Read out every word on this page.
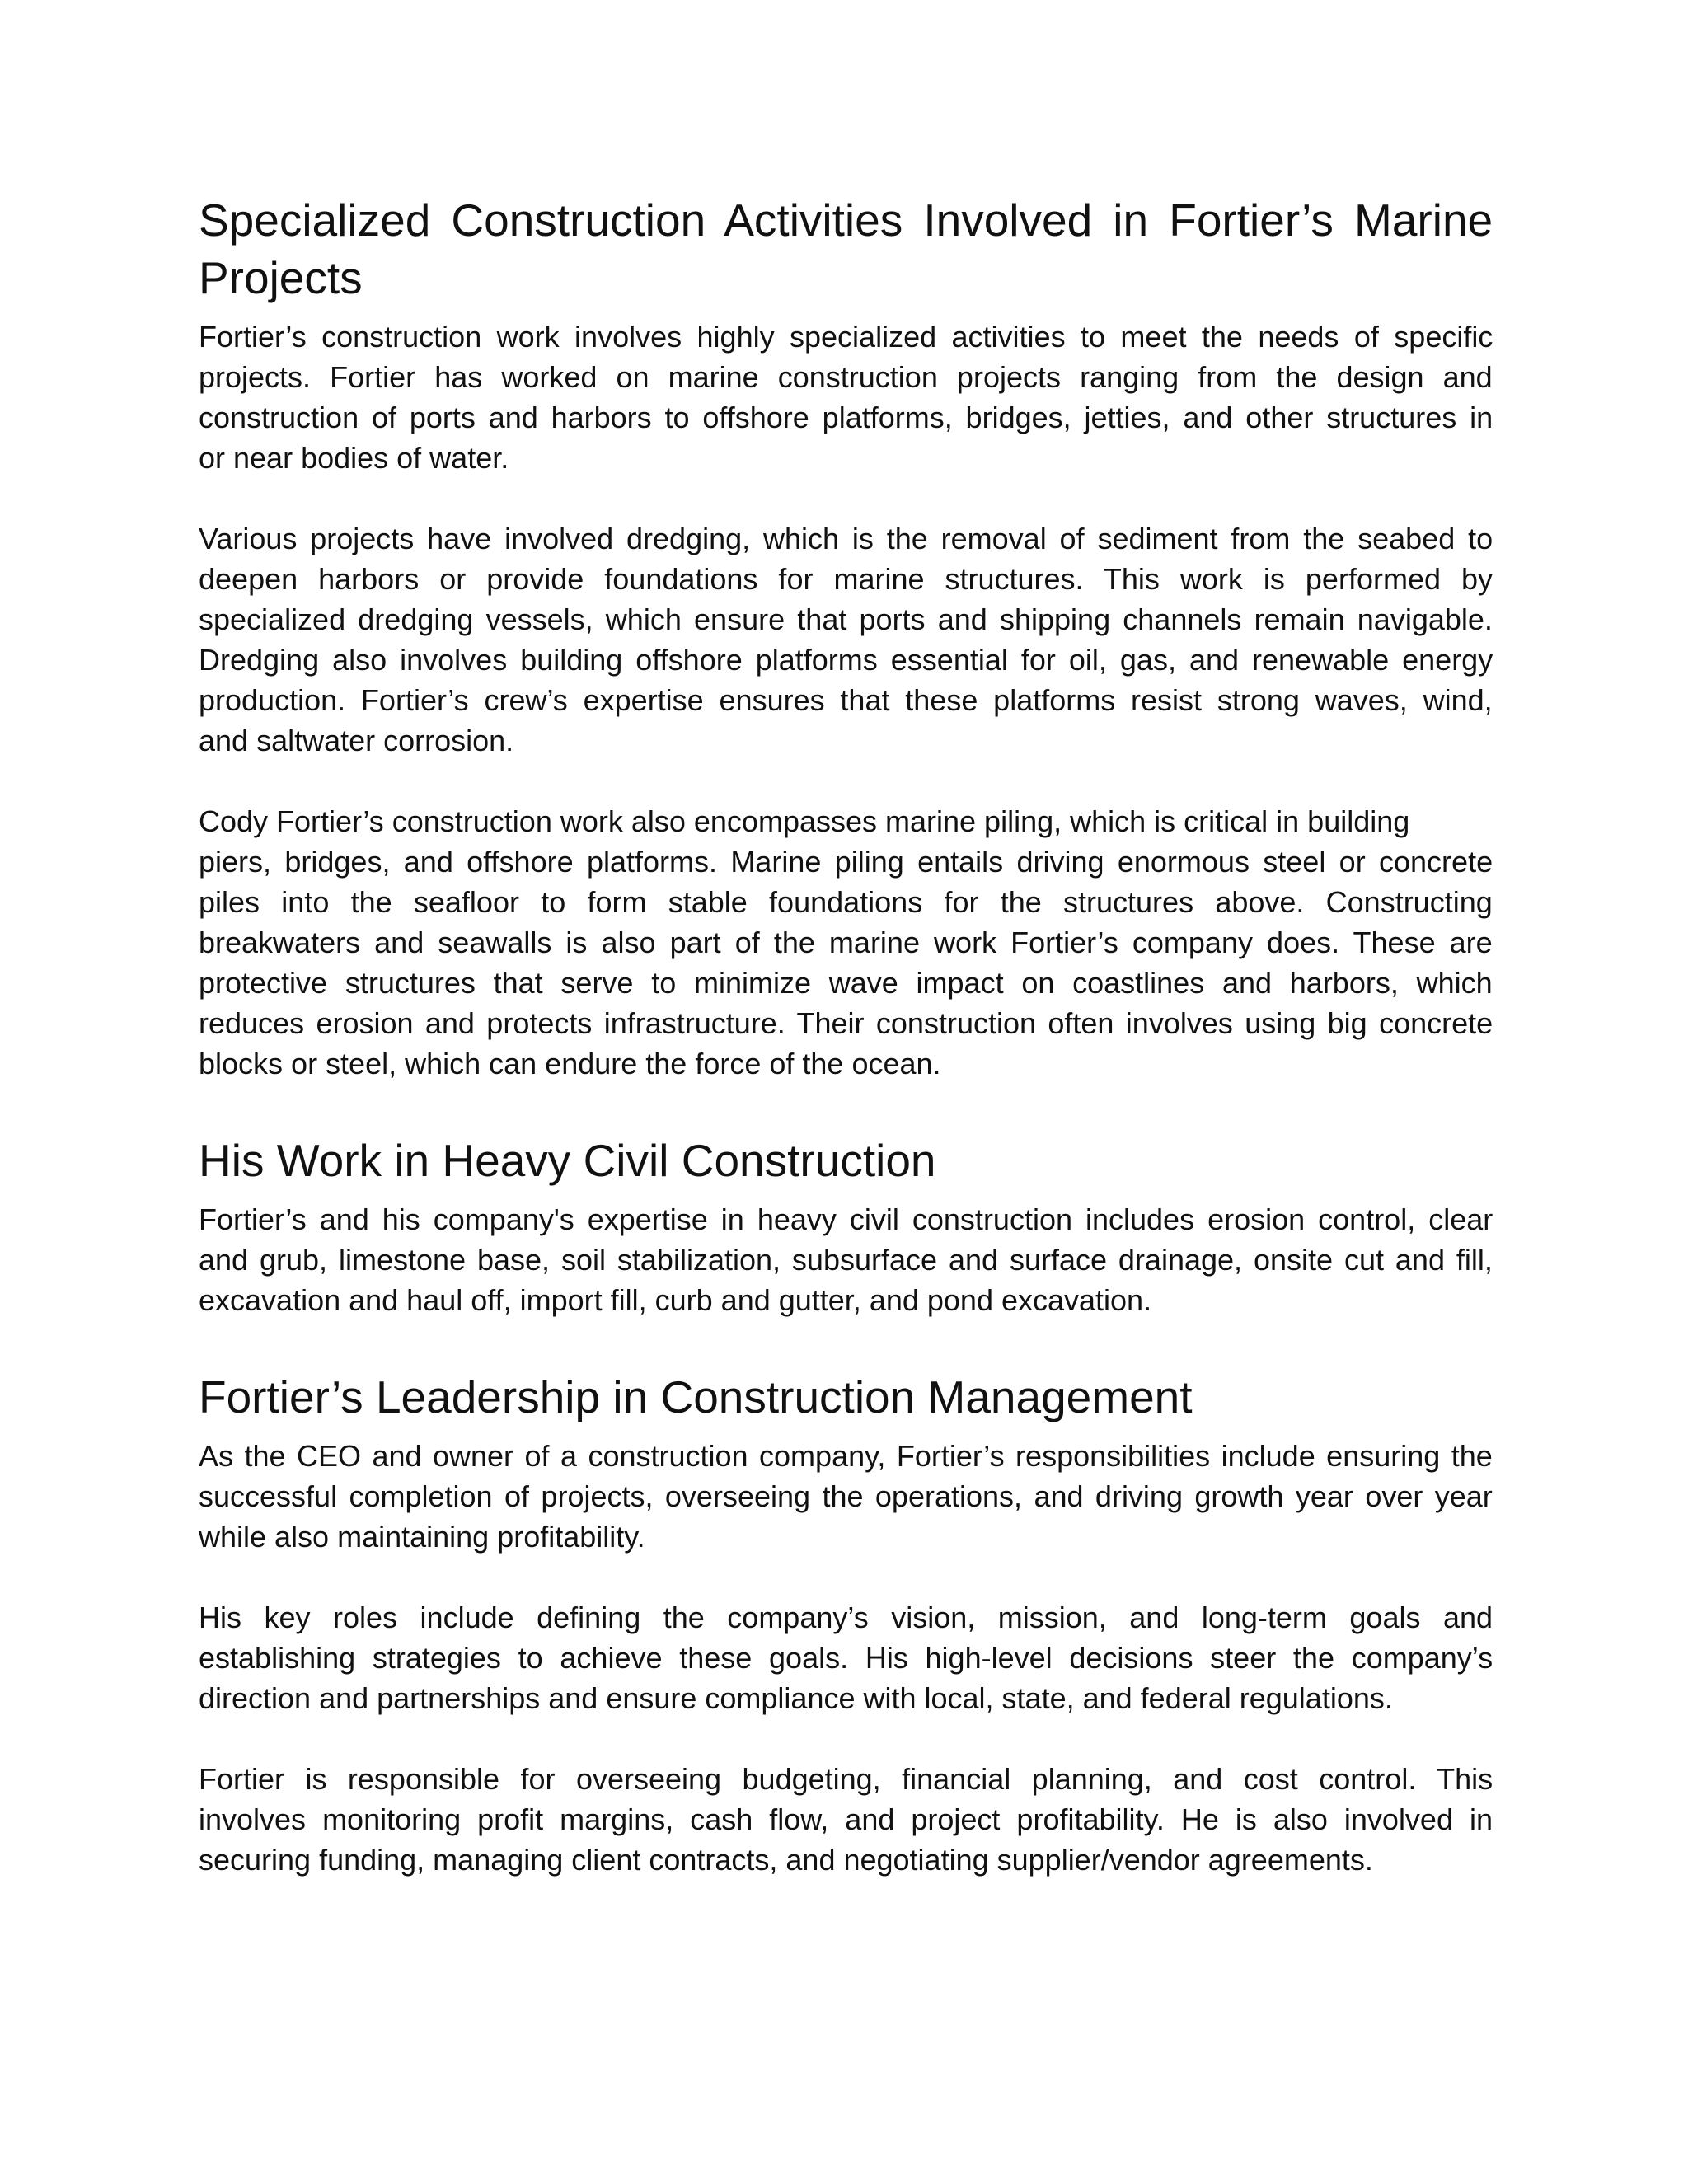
Specialized Construction Activities Involved in Fortier’s Marine
Projects

Fortier’s construction work involves highly specialized activities to meet the needs of specific
projects. Fortier has worked on marine construction projects ranging from the design and
construction of ports and harbors to offshore platforms, bridges, jetties, and other structures in
or near bodies of water.

Various projects have involved dredging, which is the removal of sediment from the seabed to
deepen harbors or provide foundations for marine structures. This work is performed by
specialized dredging vessels, which ensure that ports and shipping channels remain navigable.
Dredging also involves building offshore platforms essential for oil, gas, and renewable energy
production. Fortier’s crew’s expertise ensures that these platforms resist strong waves, wind,
and saltwater corrosion.

Cody Fortier’s construction work also encompasses marine piling, which is critical in building
piers, bridges, and offshore platforms. Marine piling entails driving enormous steel or concrete
piles into the seafloor to form stable foundations for the structures above. Constructing
breakwaters and seawalls is also part of the marine work Fortier’s company does. These are
protective structures that serve to minimize wave impact on coastlines and harbors, which
reduces erosion and protects infrastructure. Their construction often involves using big concrete
blocks or steel, which can endure the force of the ocean.

His Work in Heavy Civil Construction

Fortier’s and his company's expertise in heavy civil construction includes erosion control, clear
and grub, limestone base, soil stabilization, subsurface and surface drainage, onsite cut and fill,
excavation and haul off, import fill, curb and gutter, and pond excavation.

Fortier’s Leadership in Construction Management

As the CEO and owner of a construction company, Fortier’s responsibilities include ensuring the
successful completion of projects, overseeing the operations, and driving growth year over year
while also maintaining profitability.

His key roles include defining the company’s vision, mission, and long-term goals and
establishing strategies to achieve these goals. His high-level decisions steer the company’s
direction and partnerships and ensure compliance with local, state, and federal regulations.

Fortier is responsible for overseeing budgeting, financial planning, and cost control. This
involves monitoring profit margins, cash flow, and project profitability. He is also involved in
securing funding, managing client contracts, and negotiating supplier/vendor agreements.
